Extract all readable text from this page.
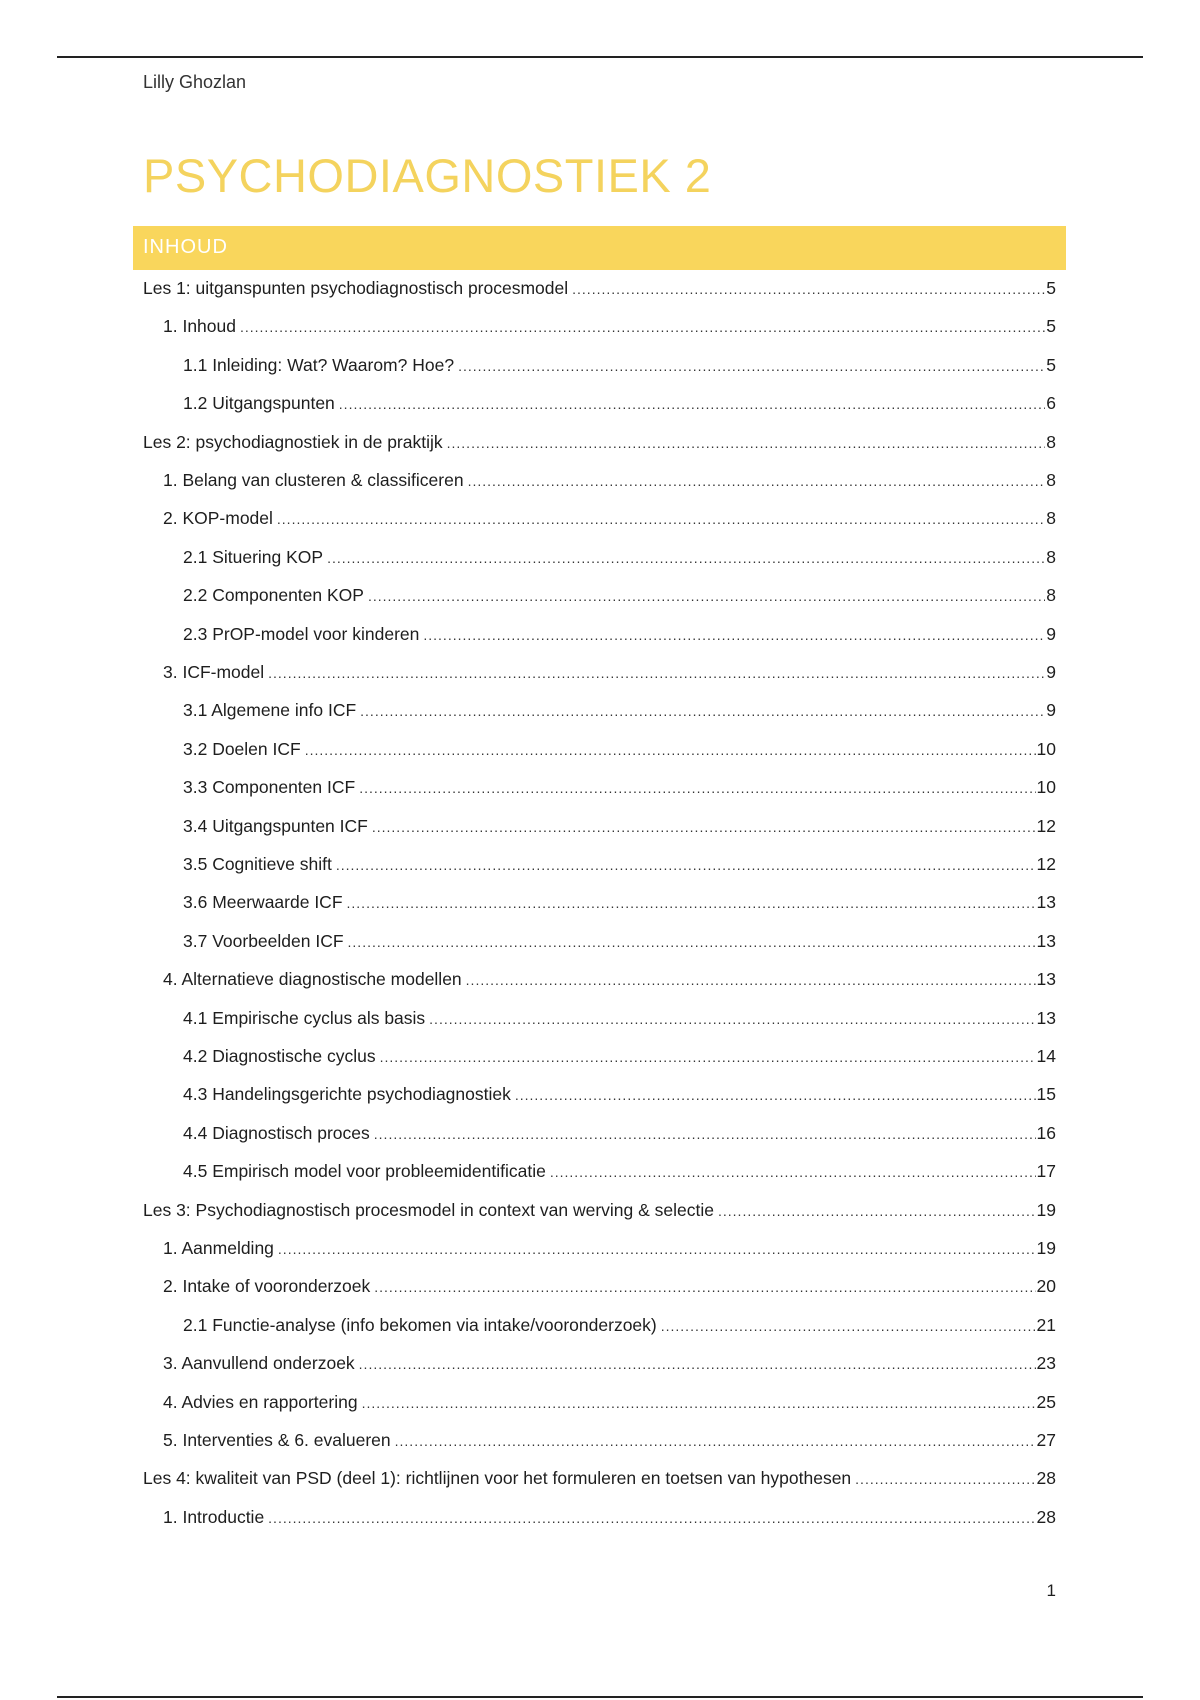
Lilly Ghozlan
PSYCHODIAGNOSTIEK 2
INHOUD
Les 1: uitganspunten psychodiagnostisch procesmodel .....	5
1. Inhoud .....	5
1.1 Inleiding: Wat? Waarom? Hoe? .....	5
1.2 Uitgangspunten .....	6
Les 2: psychodiagnostiek in de praktijk .....	8
1. Belang van clusteren & classificeren .....	8
2. KOP-model .....	8
2.1 Situering KOP .....	8
2.2 Componenten KOP .....	8
2.3 PrOP-model voor kinderen .....	9
3. ICF-model .....	9
3.1 Algemene info ICF .....	9
3.2 Doelen ICF .....	10
3.3 Componenten ICF .....	10
3.4 Uitgangspunten ICF .....	12
3.5 Cognitieve shift .....	12
3.6 Meerwaarde ICF .....	13
3.7 Voorbeelden ICF .....	13
4. Alternatieve diagnostische modellen .....	13
4.1 Empirische cyclus als basis .....	13
4.2 Diagnostische cyclus .....	14
4.3 Handelingsgerichte psychodiagnostiek .....	15
4.4 Diagnostisch proces .....	16
4.5 Empirisch model voor probleemidentificatie .....	17
Les 3: Psychodiagnostisch procesmodel in context van werving & selectie .....	19
1. Aanmelding .....	19
2. Intake of vooronderzoek .....	20
2.1 Functie-analyse (info bekomen via intake/vooronderzoek) .....	21
3. Aanvullend onderzoek .....	23
4. Advies en rapportering .....	25
5. Interventies & 6. evalueren .....	27
Les 4: kwaliteit van PSD (deel 1): richtlijnen voor het formuleren en toetsen van hypothesen .....	28
1. Introductie .....	28
1
